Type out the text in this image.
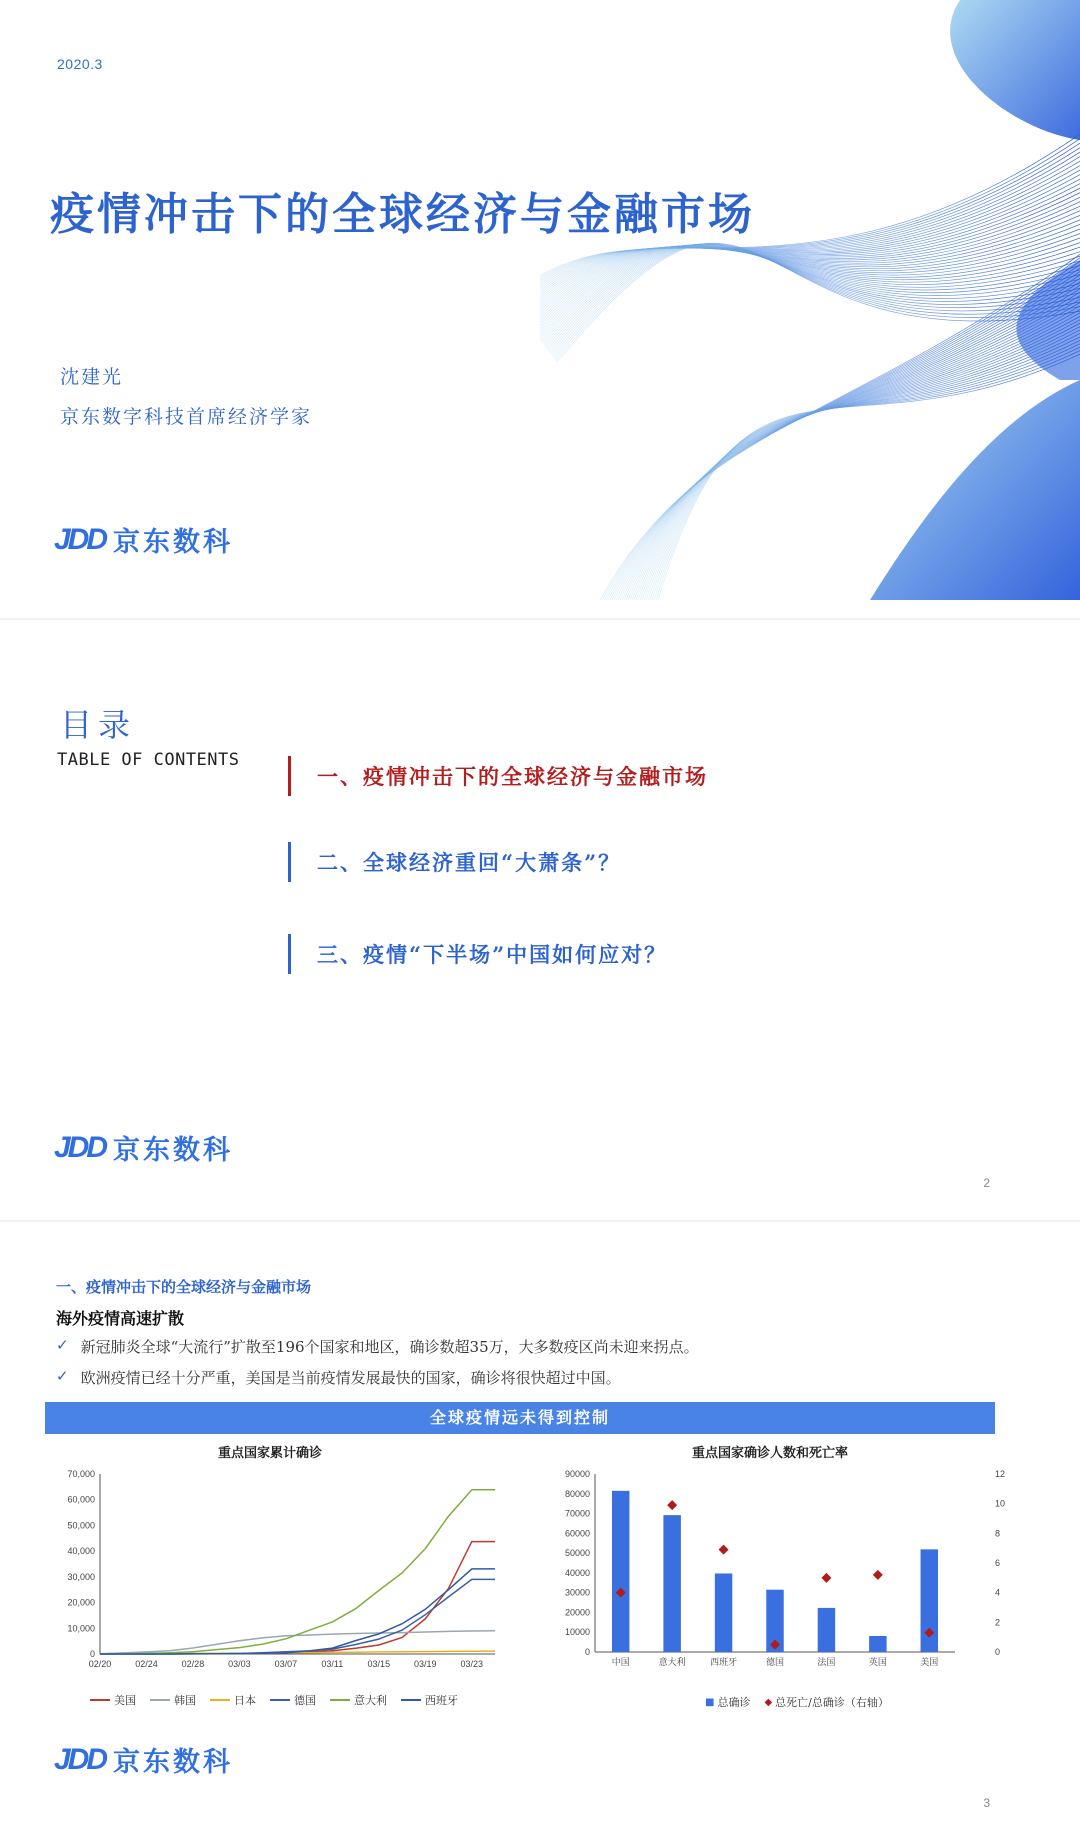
2020.3
疫情冲击下的全球经济与金融市场
沈建光
京东数字科技首席经济学家
JDD 京东数科
目录
TABLE OF CONTENTS
一、疫情冲击下的全球经济与金融市场
二、全球经济重回“大萧条”？
三、疫情“下半场”中国如何应对？
JDD 京东数科
2
一、疫情冲击下的全球经济与金融市场
海外疫情高速扩散
✓ 新冠肺炎全球“大流行”扩散至196个国家和地区，确诊数超35万，大多数疫区尚未迎来拐点。
✓ 欧洲疫情已经十分严重，美国是当前疫情发展最快的国家，确诊将很快超过中国。
全球疫情远未得到控制
重点国家累计确诊
0
10,000
20,000
30,000
40,000
50,000
60,000
70,000
02/20	02/24	02/28	03/03	03/07	03/11	03/15	03/19	03/23
美国	韩国	日本	德国	意大利	西班牙
重点国家确诊人数和死亡率
0
10000
20000
30000
40000
50000
60000
70000
80000
90000
0
2
4
6
8
10
12
中国	意大利	西班牙	德国	法国	英国	美国
■ 总确诊 ◆ 总死亡/总确诊（右轴）
JDD 京东数科
3
